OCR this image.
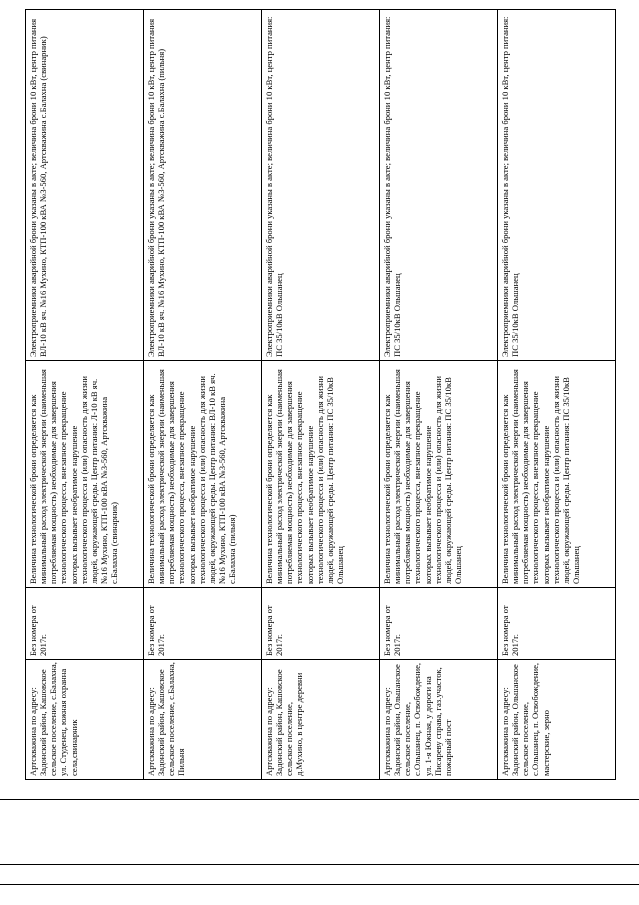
Артскважина по адресу: Задонский район, Кашовское сельское поселение, с.Балахна, ул. Студенец, южная охранна села,свинарник	Без номера от 2017г.	Величина технологической брони определяется как минимальный расход электрической энергии (наименьшая потребляемая мощность) необходимые для завершения технологического процесса, внезапное прекращение которых вызывает необратимое нарушение технологического процесса и (или) опасность для жизни людей, окружающей среды. Центр питания: Л-10 кВ яч. №16 Мухино, КТП-100 кВА №3-560, Артскважина с.Балахна (свинарник)	Электроприемники аварийной брони указаны в акте; величина брони 10 кВт, центр питания ВЛ-10 кВ яч. №16 Мухино, КТП-100 кВА №3-560, Артскважина с.Балахна (свинарник)
Артскважина по адресу: Задонский район, Кашовское сельское поселение, с.Балахна, Пильня	Без номера от 2017г.	Величина технологической брони определяется как минимальный расход электрической энергии (наименьшая потребляемая мощность) необходимые для завершения технологического процесса, внезапное прекращение которых вызывает необратимое нарушение технологического процесса и (или) опасность для жизни людей, окружающей среды. Центр питания: ВЛ-10 кВ яч. №16 Мухино, КТП-100 кВА №3-560, Артскважина с.Балахна (пильня)	Электроприемники аварийной брони указаны в акте; величина брони 10 кВт, центр питания ВЛ-10 кВ яч. №16 Мухино, КТП-100 кВА №3-560, Артскважина с.Балахна (пильня)
Артскважина по адресу: Задонский район, Кашовское сельское поселение, д.Мухино, в центре деревни	Без номера от 2017г.	Величина технологической брони определяется как минимальный расход электрической энергии (наименьшая потребляемая мощность) необходимые для завершения технологического процесса, внезапное прекращение которых вызывает необратимое нарушение технологического процесса и (или) опасность для жизни людей, окружающей среды. Центр питания: ПС 35/10кВ Ольшанец	Электроприемники аварийной брони указаны в акте; величина брони 10 кВт, центр питания: ПС 35/10кВ Ольшанец
Артскважина по адресу: Задонский район, Ольшанское сельское поселение, с.Ольшанец, п. Освобождение, ул. 1-я Южная, у дороги на Писареву справа, газ.участок, пожарный пост	Без номера от 2017г.	Величина технологической брони определяется как минимальный расход электрической энергии (наименьшая потребляемая мощность) необходимые для завершения технологического процесса, внезапное прекращение которых вызывает необратимое нарушение технологического процесса и (или) опасность для жизни людей, окружающей среды. Центр питания: ПС 35/10кВ Ольшанец	Электроприемники аварийной брони указаны в акте; величина брони 10 кВт, центр питания: ПС 35/10кВ Ольшанец
Артскважина по адресу: Задонский район, Ольшанское сельское поселение, с.Ольшанец, п. Освобождение, мастерские, зерно	Без номера от 2017г.	Величина технологической брони определяется как минимальный расход электрической энергии (наименьшая потребляемая мощность) необходимые для завершения технологического процесса, внезапное прекращение которых вызывает необратимое нарушение технологического процесса и (или) опасность для жизни людей, окружающей среды. Центр питания: ПС 35/10кВ Ольшанец	Электроприемники аварийной брони указаны в акте; величина брони 10 кВт, центр питания: ПС 35/10кВ Ольшанец
